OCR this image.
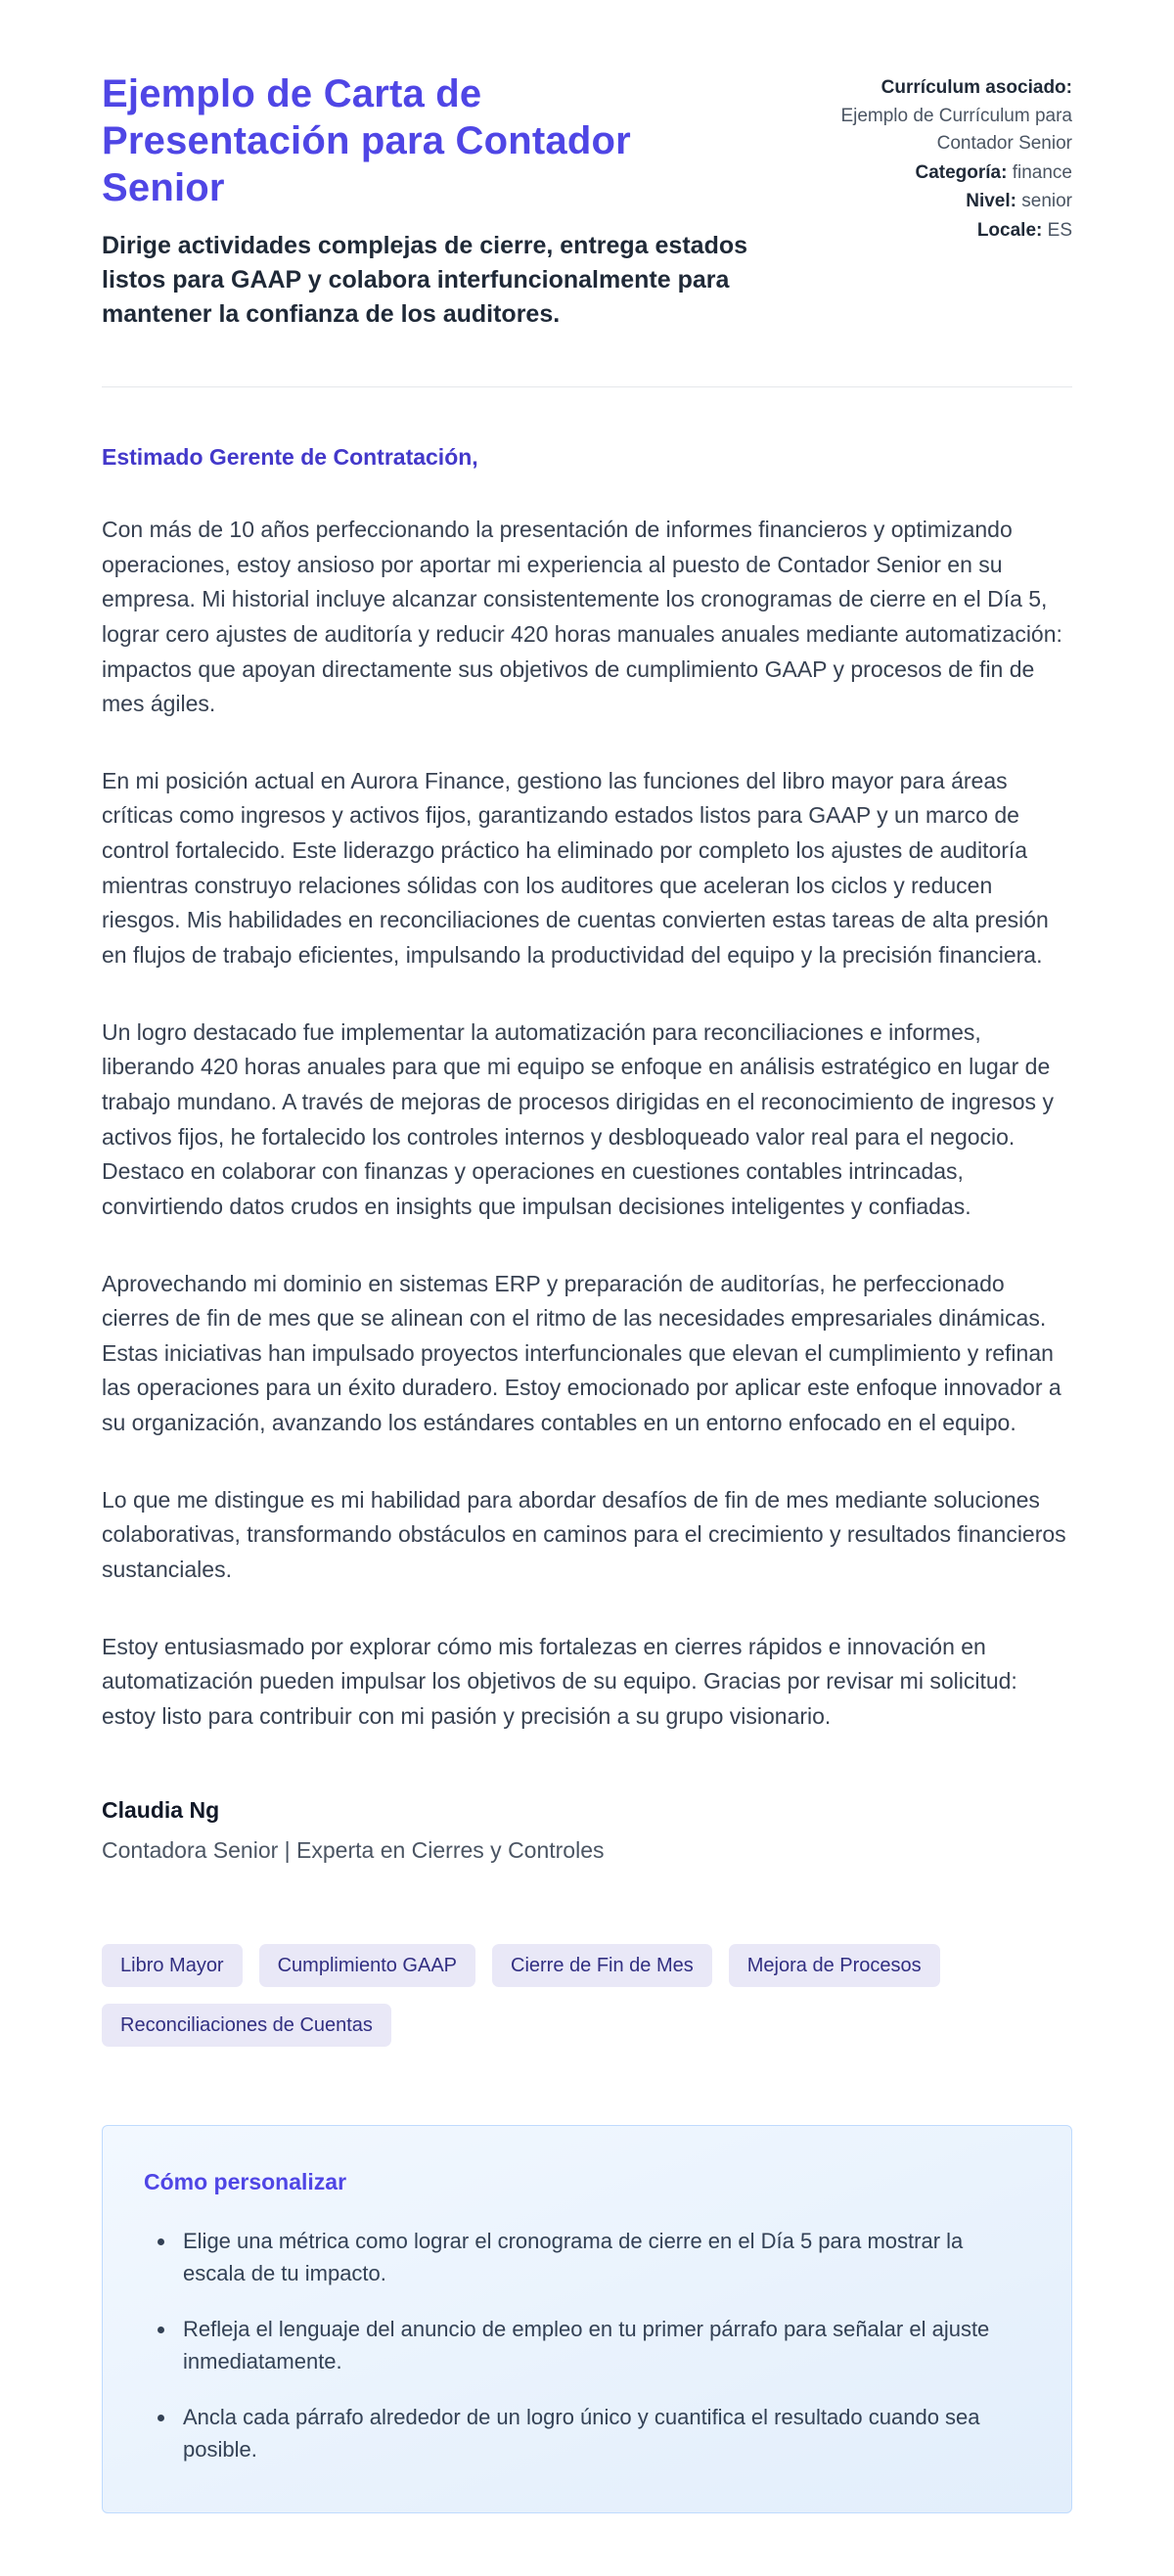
Ejemplo de Carta de Presentación para Contador Senior

Dirige actividades complejas de cierre, entrega estados listos para GAAP y colabora interfuncionalmente para mantener la confianza de los auditores.

Currículum asociado:
Ejemplo de Currículum para Contador Senior
Categoría: finance
Nivel: senior
Locale: ES

Estimado Gerente de Contratación,

Con más de 10 años perfeccionando la presentación de informes financieros y optimizando operaciones, estoy ansioso por aportar mi experiencia al puesto de Contador Senior en su empresa. Mi historial incluye alcanzar consistentemente los cronogramas de cierre en el Día 5, lograr cero ajustes de auditoría y reducir 420 horas manuales anuales mediante automatización: impactos que apoyan directamente sus objetivos de cumplimiento GAAP y procesos de fin de mes ágiles.

En mi posición actual en Aurora Finance, gestiono las funciones del libro mayor para áreas críticas como ingresos y activos fijos, garantizando estados listos para GAAP y un marco de control fortalecido. Este liderazgo práctico ha eliminado por completo los ajustes de auditoría mientras construyo relaciones sólidas con los auditores que aceleran los ciclos y reducen riesgos. Mis habilidades en reconciliaciones de cuentas convierten estas tareas de alta presión en flujos de trabajo eficientes, impulsando la productividad del equipo y la precisión financiera.

Un logro destacado fue implementar la automatización para reconciliaciones e informes, liberando 420 horas anuales para que mi equipo se enfoque en análisis estratégico en lugar de trabajo mundano. A través de mejoras de procesos dirigidas en el reconocimiento de ingresos y activos fijos, he fortalecido los controles internos y desbloqueado valor real para el negocio. Destaco en colaborar con finanzas y operaciones en cuestiones contables intrincadas, convirtiendo datos crudos en insights que impulsan decisiones inteligentes y confiadas.

Aprovechando mi dominio en sistemas ERP y preparación de auditorías, he perfeccionado cierres de fin de mes que se alinean con el ritmo de las necesidades empresariales dinámicas. Estas iniciativas han impulsado proyectos interfuncionales que elevan el cumplimiento y refinan las operaciones para un éxito duradero. Estoy emocionado por aplicar este enfoque innovador a su organización, avanzando los estándares contables en un entorno enfocado en el equipo.

Lo que me distingue es mi habilidad para abordar desafíos de fin de mes mediante soluciones colaborativas, transformando obstáculos en caminos para el crecimiento y resultados financieros sustanciales.

Estoy entusiasmado por explorar cómo mis fortalezas en cierres rápidos e innovación en automatización pueden impulsar los objetivos de su equipo. Gracias por revisar mi solicitud: estoy listo para contribuir con mi pasión y precisión a su grupo visionario.

Claudia Ng

Contadora Senior | Experta en Cierres y Controles

Libro Mayor	Cumplimiento GAAP	Cierre de Fin de Mes	Mejora de Procesos
Reconciliaciones de Cuentas
Cómo personalizar
• Elige una métrica como lograr el cronograma de cierre en el Día 5 para mostrar la escala de tu impacto.
• Refleja el lenguaje del anuncio de empleo en tu primer párrafo para señalar el ajuste inmediatamente.
• Ancla cada párrafo alrededor de un logro único y cuantifica el resultado cuando sea posible.
